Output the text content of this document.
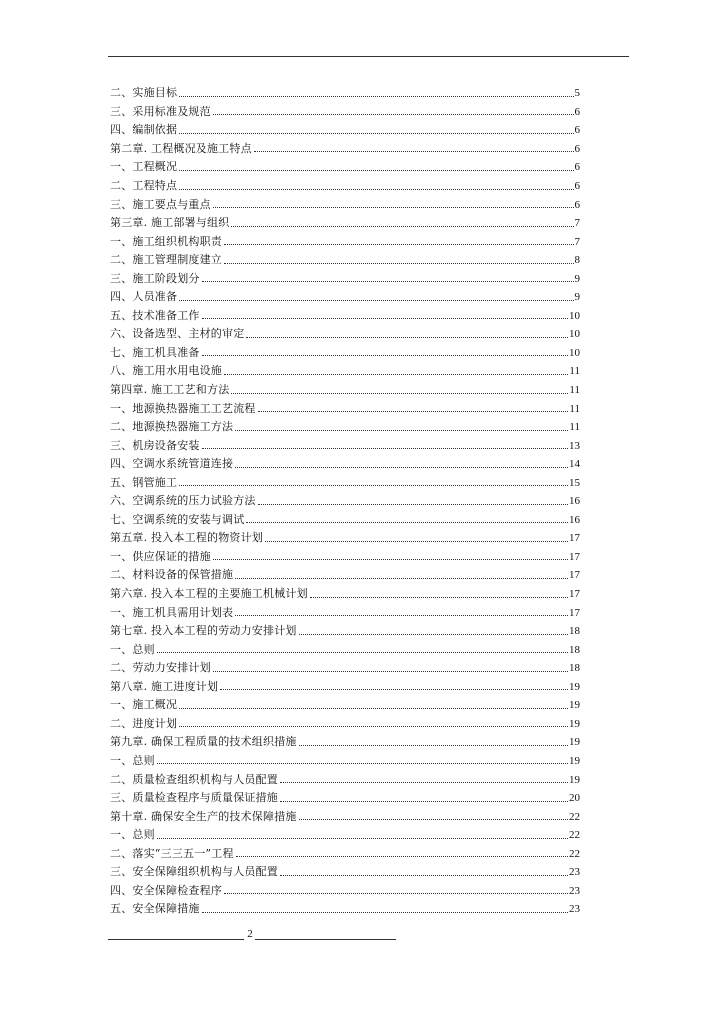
二、实施目标	5
三、采用标准及规范	6
四、编制依据	6
第二章. 工程概况及施工特点	6
一、工程概况	6
二、工程特点	6
三、施工要点与重点	6
第三章. 施工部署与组织	7
一、施工组织机构职责	7
二、施工管理制度建立	8
三、施工阶段划分	9
四、人员准备	9
五、技术准备工作	10
六、设备选型、主材的审定	10
七、施工机具准备	10
八、施工用水用电设施	11
第四章. 施工工艺和方法	11
一、地源换热器施工工艺流程	11
二、地源换热器施工方法	11
三、机房设备安装	13
四、空调水系统管道连接	14
五、钢管施工	15
六、空调系统的压力试验方法	16
七、空调系统的安装与调试	16
第五章. 投入本工程的物资计划	17
一、供应保证的措施	17
二、材料设备的保管措施	17
第六章. 投入本工程的主要施工机械计划	17
一、施工机具需用计划表	17
第七章. 投入本工程的劳动力安排计划	18
一、总则	18
二、劳动力安排计划	18
第八章. 施工进度计划	19
一、施工概况	19
二、进度计划	19
第九章. 确保工程质量的技术组织措施	19
一、总则	19
二、质量检查组织机构与人员配置	19
三、质量检查程序与质量保证措施	20
第十章. 确保安全生产的技术保障措施	22
一、总则	22
二、落实“三三五一”工程	22
三、安全保障组织机构与人员配置	23
四、安全保障检查程序	23
五、安全保障措施	23
2
